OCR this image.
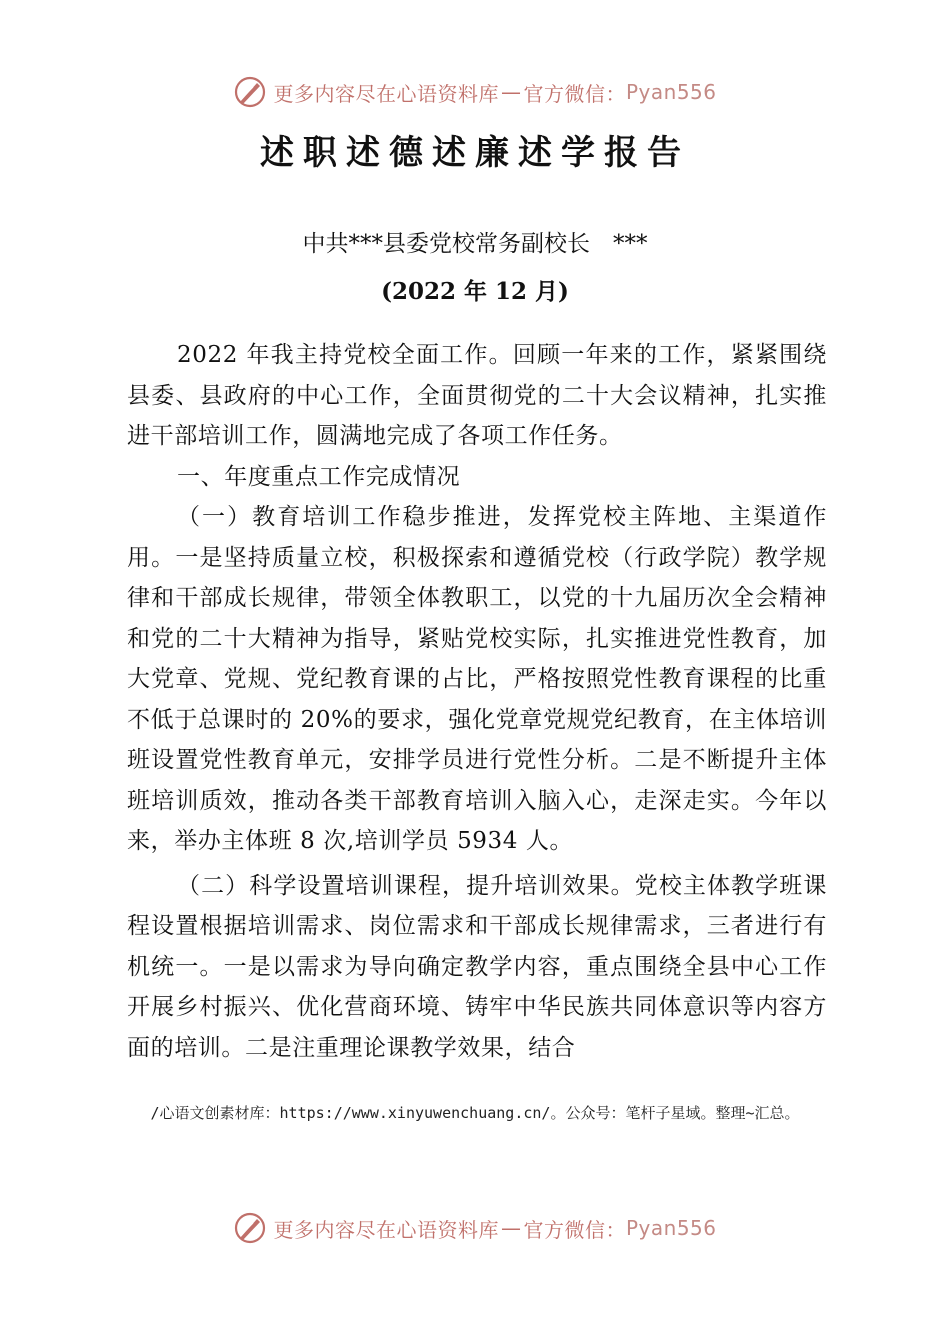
更多内容尽在心语资料库 — 官方微信： Pyan556
述职述德述廉述学报告
中共***县委党校常务副校长　***
(2022 年 12 月)

2022 年我主持党校全面工作。回顾一年来的工作，紧紧围绕县委、县政府的中心工作，全面贯彻党的二十大会议精神，扎实推进干部培训工作，圆满地完成了各项工作任务。

一、年度重点工作完成情况

（一）教育培训工作稳步推进，发挥党校主阵地、主渠道作用。一是坚持质量立校，积极探索和遵循党校（行政学院）教学规律和干部成长规律，带领全体教职工，以党的十九届历次全会精神和党的二十大精神为指导，紧贴党校实际，扎实推进党性教育，加大党章、党规、党纪教育课的占比，严格按照党性教育课程的比重不低于总课时的 20%的要求，强化党章党规党纪教育，在主体培训班设置党性教育单元，安排学员进行党性分析。二是不断提升主体班培训质效，推动各类干部教育培训入脑入心，走深走实。今年以来，举办主体班 8 次,培训学员 5934 人。

（二）科学设置培训课程，提升培训效果。党校主体教学班课程设置根据培训需求、岗位需求和干部成长规律需求，三者进行有机统一。一是以需求为导向确定教学内容，重点围绕全县中心工作开展乡村振兴、优化营商环境、铸牢中华民族共同体意识等内容方面的培训。二是注重理论课教学效果，结合

/心语文创素材库：https://www.xinyuwenchuang.cn/。公众号：笔杆子星域。整理~汇总。
更多内容尽在心语资料库 — 官方微信： Pyan556
